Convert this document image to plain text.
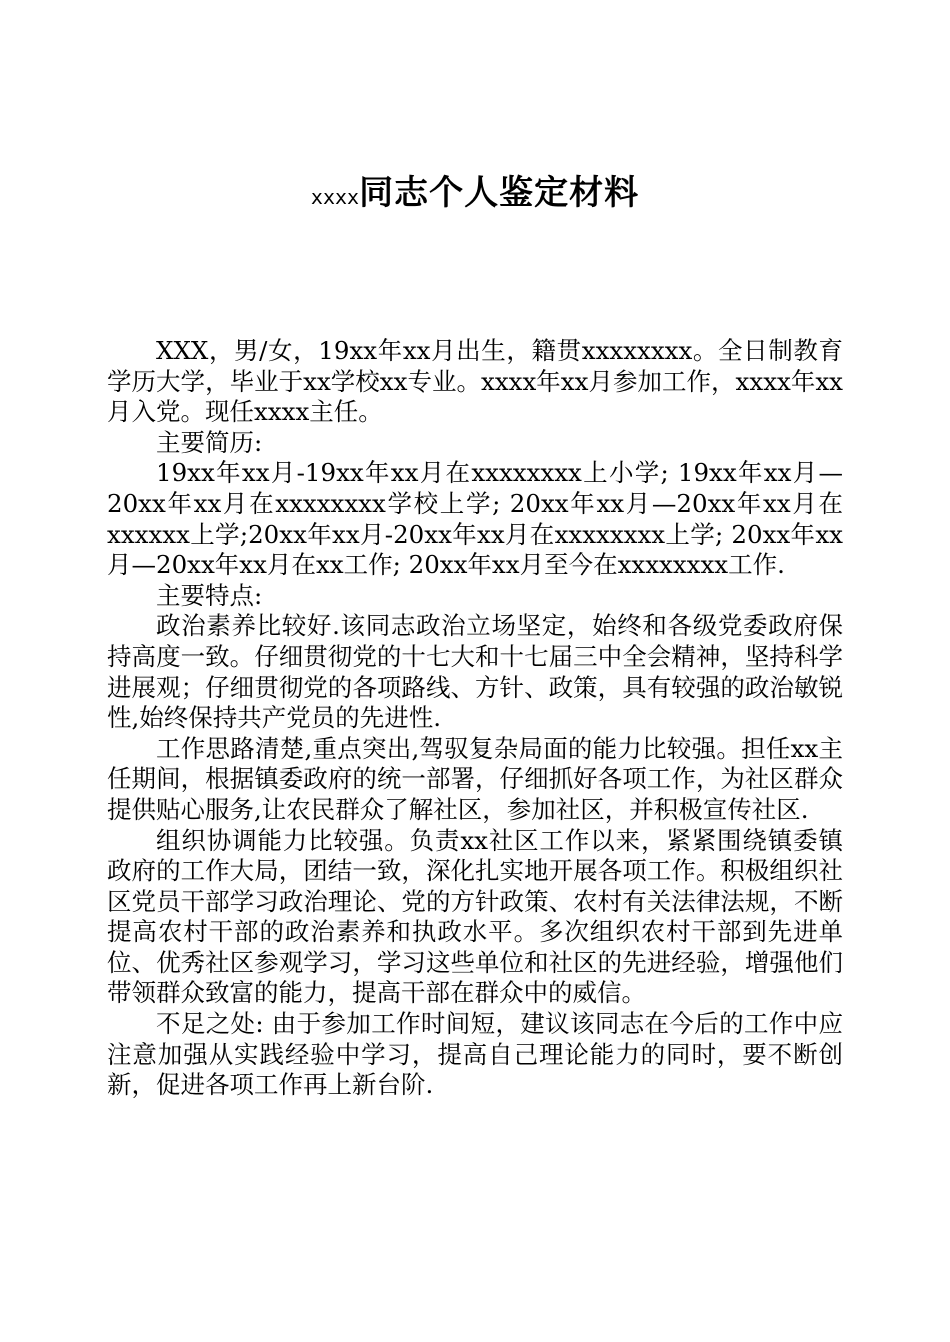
xxxx同志个人鉴定材料

XXX，男/女，19xx年xx月出生，籍贯xxxxxxxx。全日制教育学历大学，毕业于xx学校xx专业。xxxx年xx月参加工作，xxxx年xx月入党。现任xxxx主任。

主要简历:

19xx年xx月-19xx年xx月在xxxxxxxx上小学; 19xx年xx月—20xx年xx月在xxxxxxxx学校上学; 20xx年xx月—20xx年xx月在xxxxxx上学;20xx年xx月-20xx年xx月在xxxxxxxx上学; 20xx年xx月—20xx年xx月在xx工作; 20xx年xx月至今在xxxxxxxx工作.

主要特点:

政治素养比较好.该同志政治立场坚定，始终和各级党委政府保持高度一致。仔细贯彻党的十七大和十七届三中全会精神，坚持科学进展观；仔细贯彻党的各项路线、方针、政策，具有较强的政治敏锐性,始终保持共产党员的先进性.

工作思路清楚,重点突出,驾驭复杂局面的能力比较强。担任xx主任期间，根据镇委政府的统一部署，仔细抓好各项工作，为社区群众提供贴心服务,让农民群众了解社区，参加社区，并积极宣传社区.

组织协调能力比较强。负责xx社区工作以来，紧紧围绕镇委镇政府的工作大局，团结一致，深化扎实地开展各项工作。积极组织社区党员干部学习政治理论、党的方针政策、农村有关法律法规，不断提高农村干部的政治素养和执政水平。多次组织农村干部到先进单位、优秀社区参观学习，学习这些单位和社区的先进经验，增强他们带领群众致富的能力，提高干部在群众中的威信。

不足之处: 由于参加工作时间短，建议该同志在今后的工作中应注意加强从实践经验中学习，提高自己理论能力的同时，要不断创新，促进各项工作再上新台阶.
